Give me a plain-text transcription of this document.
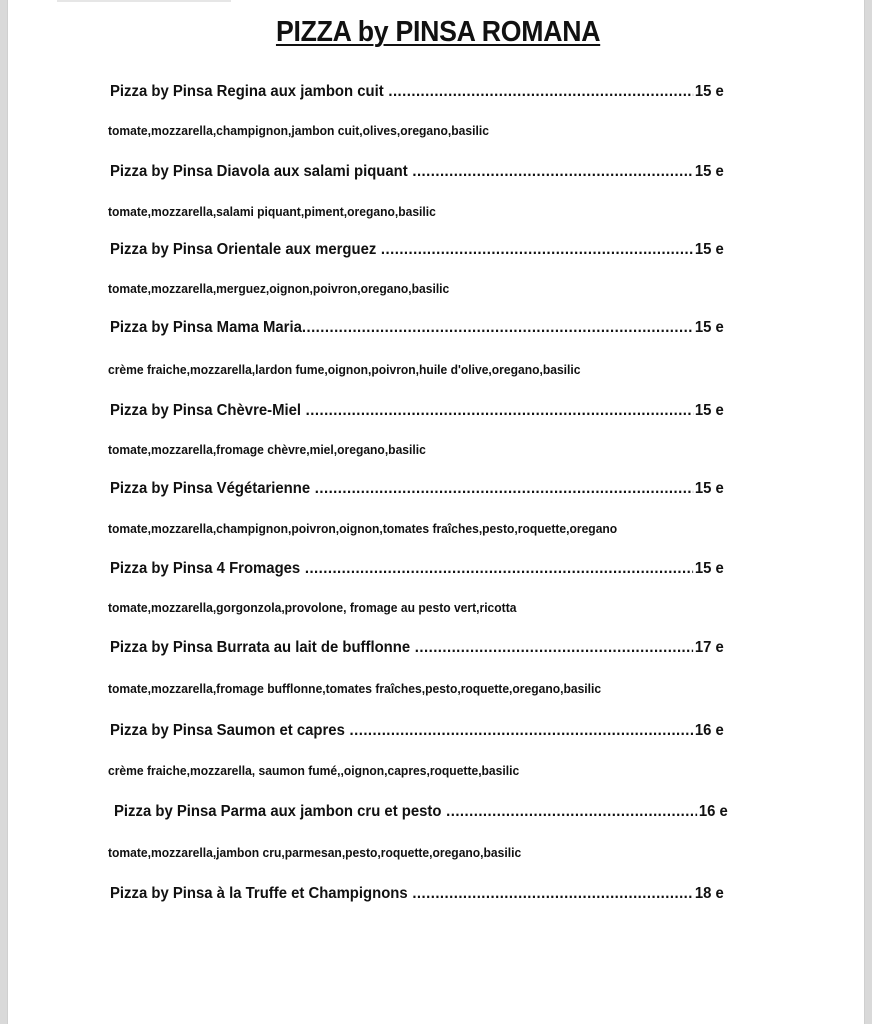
PIZZA by PINSA ROMANA
Pizza by Pinsa Regina aux jambon cuit .....	15 e
tomate,mozzarella,champignon,jambon cuit,olives,oregano,basilic
Pizza by Pinsa Diavola aux salami piquant .....	15 e
tomate,mozzarella,salami piquant,piment,oregano,basilic
Pizza by Pinsa Orientale aux merguez .....	15 e
tomate,mozzarella,merguez,oignon,poivron,oregano,basilic
Pizza by Pinsa Mama Maria .....	15 e
crème fraiche,mozzarella,lardon fume,oignon,poivron,huile d'olive,oregano,basilic
Pizza by Pinsa Chèvre-Miel .....	15 e
tomate,mozzarella,fromage chèvre,miel,oregano,basilic
Pizza by Pinsa Végétarienne .....	15 e
tomate,mozzarella,champignon,poivron,oignon,tomates fraîches,pesto,roquette,oregano
Pizza by Pinsa 4 Fromages .....	15 e
tomate,mozzarella,gorgonzola,provolone, fromage au pesto vert,ricotta
Pizza by Pinsa Burrata au lait de bufflonne .....	17 e
tomate,mozzarella,fromage bufflonne,tomates fraîches,pesto,roquette,oregano,basilic
Pizza by Pinsa Saumon et capres .....	16 e
crème fraiche,mozzarella, saumon fumé,,oignon,capres,roquette,basilic
Pizza by Pinsa Parma aux jambon cru et pesto .....	16 e
tomate,mozzarella,jambon cru,parmesan,pesto,roquette,oregano,basilic
Pizza by Pinsa à la Truffe et Champignons .....	18 e
